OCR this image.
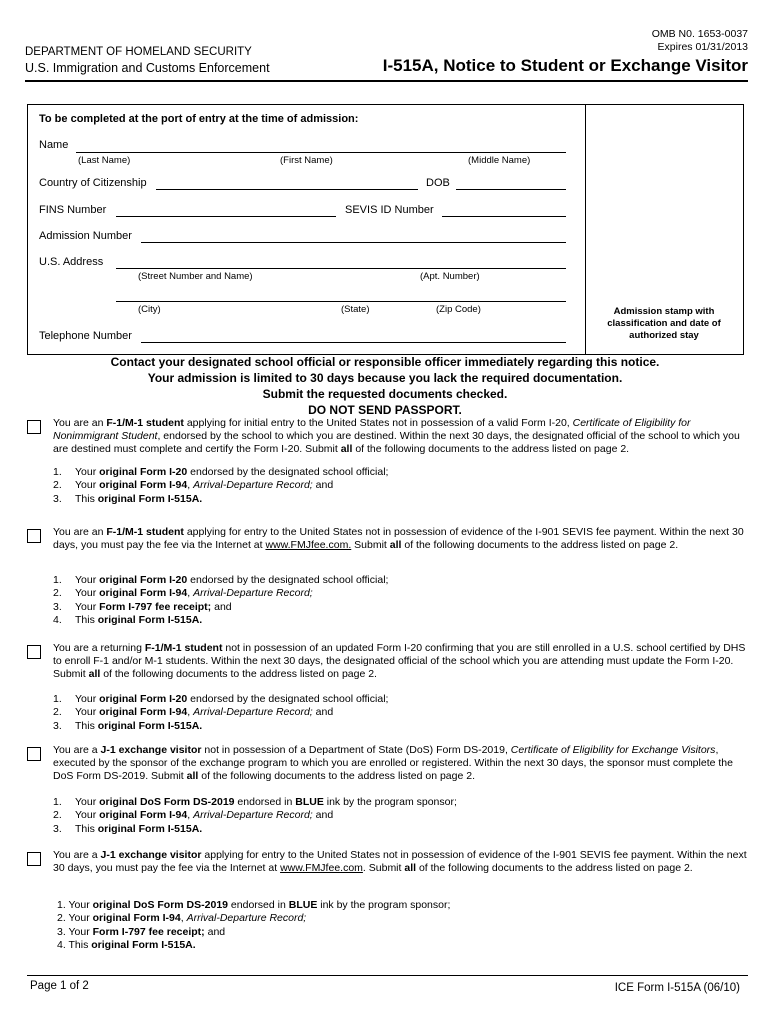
OMB N0. 1653-0037
Expires 01/31/2013
DEPARTMENT OF HOMELAND SECURITY
U.S. Immigration and Customs Enforcement	I-515A, Notice to Student or Exchange Visitor
To be completed at the port of entry at the time of admission:
Name
(Last Name)	(First Name)	(Middle Name)
Country of Citizenship	DOB
FINS Number	SEVIS ID Number
Admission Number
U.S. Address
(Street Number and Name)	(Apt. Number)
(City)	(State)	(Zip Code)
Telephone Number
Admission stamp with classification and date of authorized stay
Contact your designated school official or responsible officer immediately regarding this notice.
Your admission is limited to 30 days because you lack the required documentation.
Submit the requested documents checked.
DO NOT SEND PASSPORT.
You are an F-1/M-1 student applying for initial entry to the United States not in possession of a valid Form I-20, Certificate of Eligibility for Nonimmigrant Student, endorsed by the school to which you are destined. Within the next 30 days, the designated official of the school to which you are destined must complete and certify the Form I-20. Submit all of the following documents to the address listed on page 2.
1. Your original Form I-20 endorsed by the designated school official;
2. Your original Form I-94, Arrival-Departure Record; and
3. This original Form I-515A.
You are an F-1/M-1 student applying for entry to the United States not in possession of evidence of the I-901 SEVIS fee payment. Within the next 30 days, you must pay the fee via the Internet at www.FMJfee.com. Submit all of the following documents to the address listed on page 2.
1. Your original Form I-20 endorsed by the designated school official;
2. Your original Form I-94, Arrival-Departure Record;
3. Your Form I-797 fee receipt; and
4. This original Form I-515A.
You are a returning F-1/M-1 student not in possession of an updated Form I-20 confirming that you are still enrolled in a U.S. school certified by DHS to enroll F-1 and/or M-1 students. Within the next 30 days, the designated official of the school which you are attending must update the Form I-20. Submit all of the following documents to the address listed on page 2.
1. Your original Form I-20 endorsed by the designated school official;
2. Your original Form I-94, Arrival-Departure Record; and
3. This original Form I-515A.
You are a J-1 exchange visitor not in possession of a Department of State (DoS) Form DS-2019, Certificate of Eligibility for Exchange Visitors, executed by the sponsor of the exchange program to which you are enrolled or registered. Within the next 30 days, the sponsor must complete the DoS Form DS-2019. Submit all of the following documents to the address listed on page 2.
1. Your original DoS Form DS-2019 endorsed in BLUE ink by the program sponsor;
2. Your original Form I-94, Arrival-Departure Record; and
3. This original Form I-515A.
You are a J-1 exchange visitor applying for entry to the United States not in possession of evidence of the I-901 SEVIS fee payment. Within the next 30 days, you must pay the fee via the Internet at www.FMJfee.com. Submit all of the following documents to the address listed on page 2.
1. Your original DoS Form DS-2019 endorsed in BLUE ink by the program sponsor;
2. Your original Form I-94, Arrival-Departure Record;
3. Your Form I-797 fee receipt; and
4. This original Form I-515A.
Page 1 of 2	ICE Form I-515A (06/10)
